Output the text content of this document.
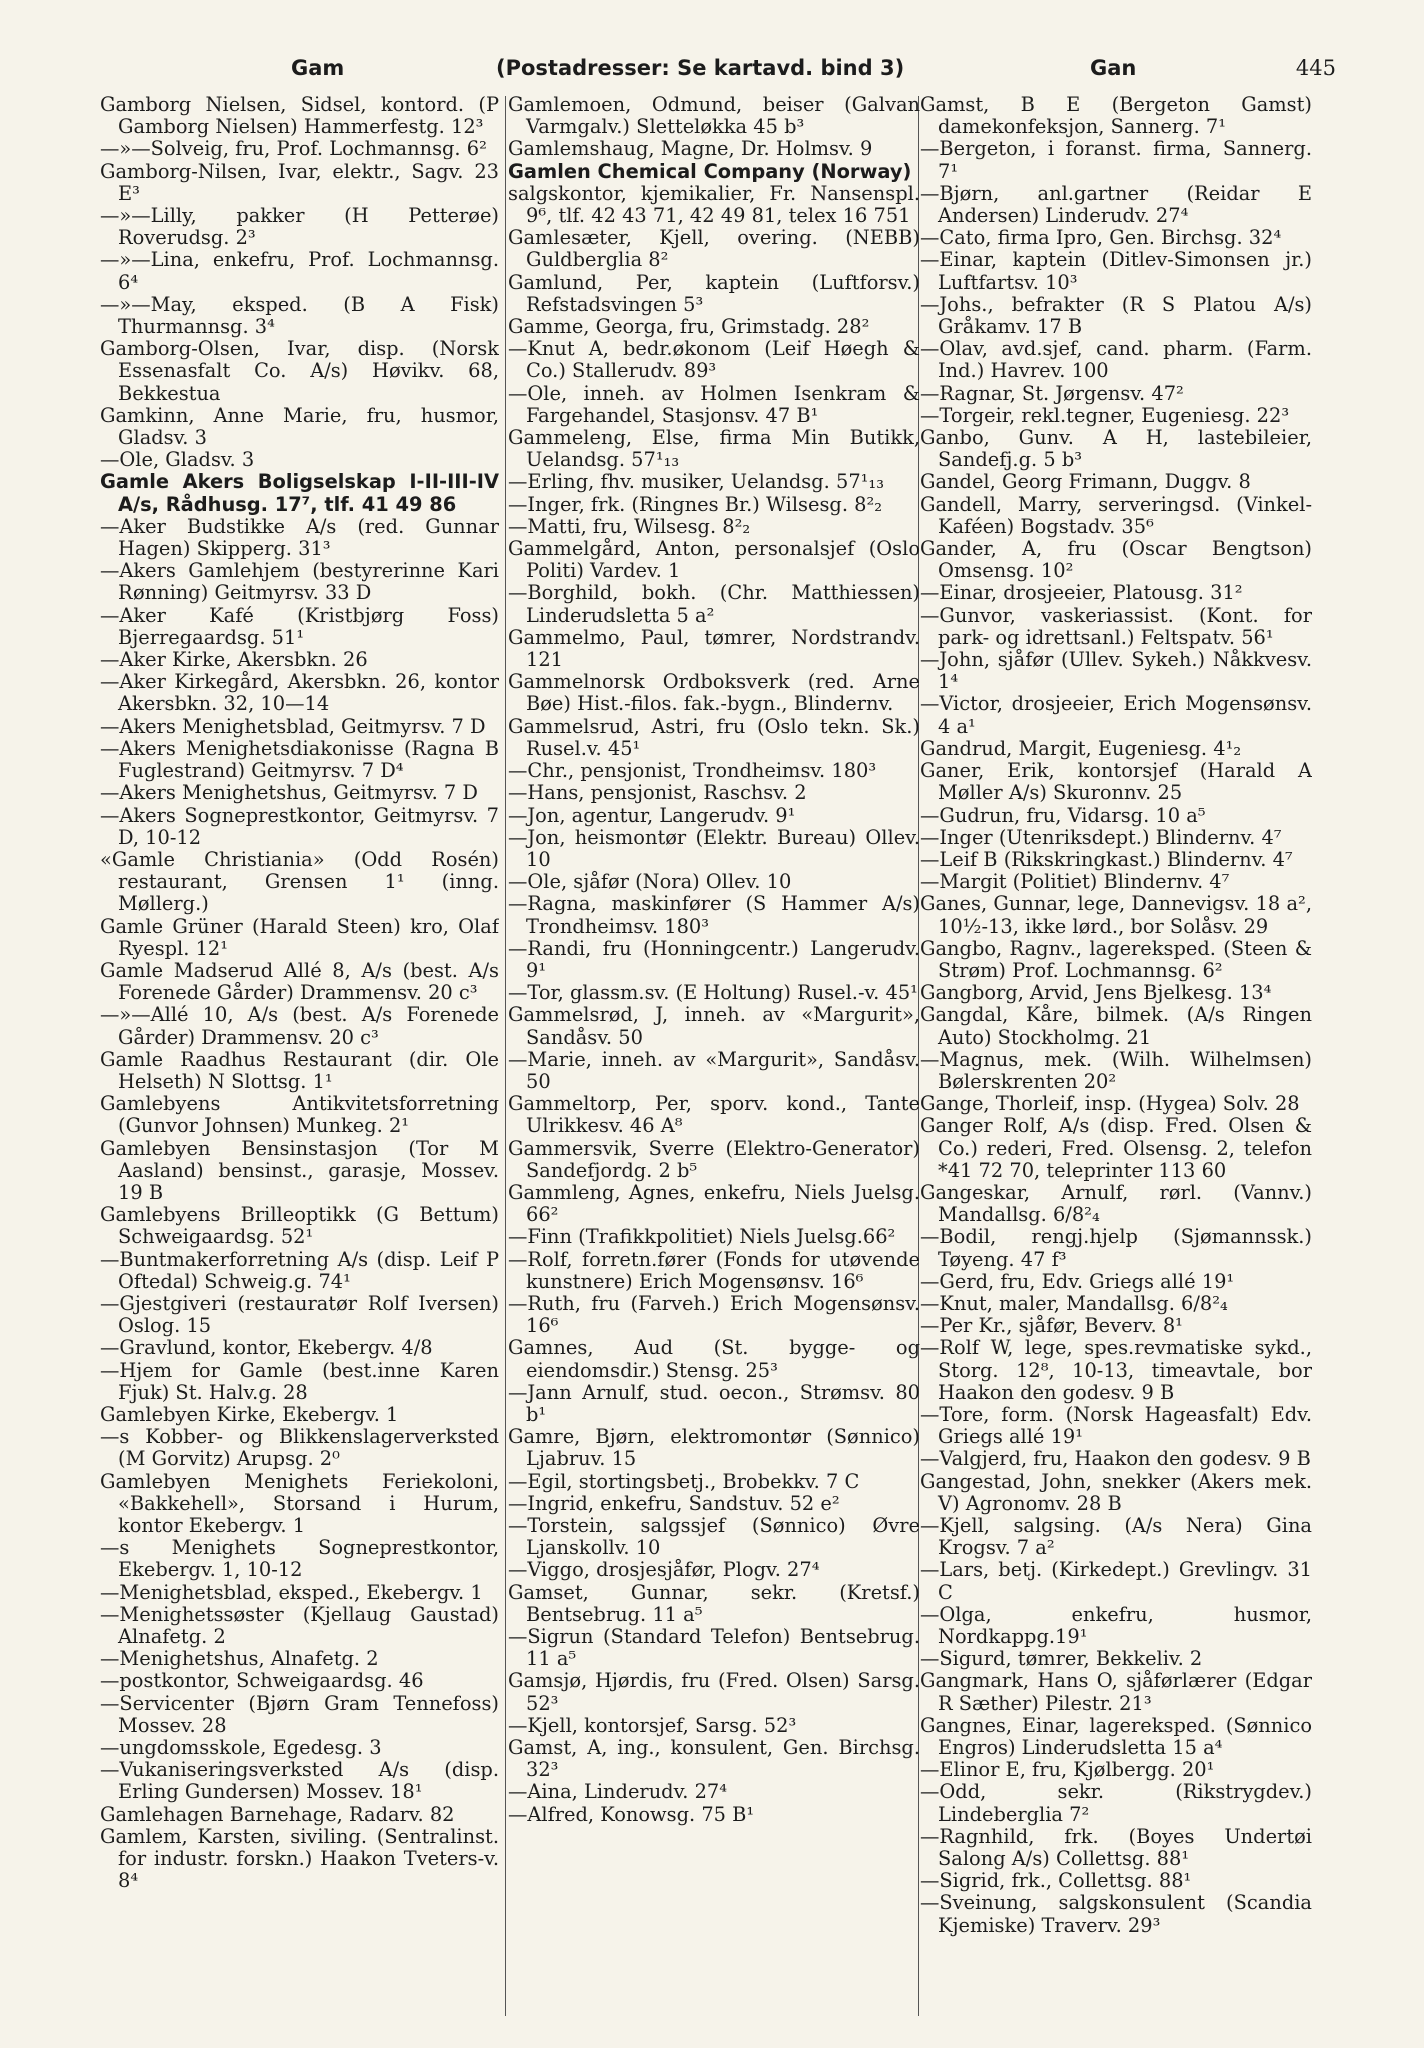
Gam	(Postadresser: Se kartavd. bind 3)	Gan	445

Gamborg Nielsen, Sidsel, kontord. (P Gamborg Nielsen) Hammerfestg. 12³

—»—Solveig, fru, Prof. Lochmannsg. 6²

Gamborg-Nilsen, Ivar, elektr., Sagv. 23 E³

—»—Lilly, pakker (H Petterøe) Roverudsg. 2³

—»—Lina, enkefru, Prof. Lochmannsg. 6⁴

—»—May, eksped. (B A Fisk) Thurmannsg. 3⁴

Gamborg-Olsen, Ivar, disp. (Norsk Essenasfalt Co. A/s) Høvikv. 68, Bekkestua

Gamkinn, Anne Marie, fru, husmor, Gladsv. 3

—Ole, Gladsv. 3

Gamle Akers Boligselskap I-II-III-IV A/s, Rådhusg. 17⁷, tlf. 41 49 86

—Aker Budstikke A/s (red. Gunnar Hagen) Skipperg. 31³

—Akers Gamlehjem (bestyrerinne Kari Rønning) Geitmyrsv. 33 D

—Aker Kafé (Kristbjørg Foss) Bjerregaardsg. 51¹

—Aker Kirke, Akersbkn. 26

—Aker Kirkegård, Akersbkn. 26, kontor Akersbkn. 32, 10—14

—Akers Menighetsblad, Geitmyrsv. 7 D

—Akers Menighetsdiakonisse (Ragna B Fuglestrand) Geitmyrsv. 7 D⁴

—Akers Menighetshus, Geitmyrsv. 7 D

—Akers Sogneprestkontor, Geitmyrsv. 7 D, 10-12

«Gamle Christiania» (Odd Rosén) restaurant, Grensen 1¹ (inng. Møllerg.)

Gamle Grüner (Harald Steen) kro, Olaf Ryespl. 12¹

Gamle Madserud Allé 8, A/s (best. A/s Forenede Gårder) Drammensv. 20 c³

—»—Allé 10, A/s (best. A/s Forenede Gårder) Drammensv. 20 c³

Gamle Raadhus Restaurant (dir. Ole Helseth) N Slottsg. 1¹

Gamlebyens Antikvitetsforretning (Gunvor Johnsen) Munkeg. 2¹

Gamlebyen Bensinstasjon (Tor M Aasland) bensinst., garasje, Mossev. 19 B

Gamlebyens Brilleoptikk (G Bettum) Schweigaardsg. 52¹

—Buntmakerforretning A/s (disp. Leif P Oftedal) Schweig.g. 74¹

—Gjestgiveri (restauratør Rolf Iversen) Oslog. 15

—Gravlund, kontor, Ekebergv. 4/8

—Hjem for Gamle (best.inne Karen Fjuk) St. Halv.g. 28

Gamlebyen Kirke, Ekebergv. 1

—s Kobber- og Blikkenslagerverksted (M Gorvitz) Arupsg. 2⁰

Gamlebyen Menighets Feriekoloni, «Bakkehell», Storsand i Hurum, kontor Ekebergv. 1

—s Menighets Sogneprestkontor, Ekebergv. 1, 10-12

—Menighetsblad, eksped., Ekebergv. 1

—Menighetssøster (Kjellaug Gaustad) Alnafetg. 2

—Menighetshus, Alnafetg. 2

—postkontor, Schweigaardsg. 46

—Servicenter (Bjørn Gram Tennefoss) Mossev. 28

—ungdomsskole, Egedesg. 3

—Vukaniseringsverksted A/s (disp. Erling Gundersen) Mossev. 18¹

Gamlehagen Barnehage, Radarv. 82

Gamlem, Karsten, siviling. (Sentralinst. for industr. forskn.) Haakon Tveters-v. 8⁴

Gamlemoen, Odmund, beiser (Galvan Varmgalv.) Sletteløkka 45 b³

Gamlemshaug, Magne, Dr. Holmsv. 9

Gamlen Chemical Company (Norway)

salgskontor, kjemikalier, Fr. Nansenspl. 9⁶, tlf. 42 43 71, 42 49 81, telex 16 751

Gamlesæter, Kjell, overing. (NEBB) Guldberglia 8²

Gamlund, Per, kaptein (Luftforsv.) Refstadsvingen 5³

Gamme, Georga, fru, Grimstadg. 28²

—Knut A, bedr.økonom (Leif Høegh & Co.) Stallerudv. 89³

—Ole, inneh. av Holmen Isenkram & Fargehandel, Stasjonsv. 47 B¹

Gammeleng, Else, firma Min Butikk, Uelandsg. 57¹₁₃

—Erling, fhv. musiker, Uelandsg. 57¹₁₃

—Inger, frk. (Ringnes Br.) Wilsesg. 8²₂

—Matti, fru, Wilsesg. 8²₂

Gammelgård, Anton, personalsjef (Oslo Politi) Vardev. 1

—Borghild, bokh. (Chr. Matthiessen) Linderudsletta 5 a²

Gammelmo, Paul, tømrer, Nordstrandv. 121

Gammelnorsk Ordboksverk (red. Arne Bøe) Hist.-filos. fak.-bygn., Blindernv.

Gammelsrud, Astri, fru (Oslo tekn. Sk.) Rusel.v. 45¹

—Chr., pensjonist, Trondheimsv. 180³

—Hans, pensjonist, Raschsv. 2

—Jon, agentur, Langerudv. 9¹

—Jon, heismontør (Elektr. Bureau) Ollev. 10

—Ole, sjåfør (Nora) Ollev. 10

—Ragna, maskinfører (S Hammer A/s) Trondheimsv. 180³

—Randi, fru (Honningcentr.) Langerudv. 9¹

—Tor, glassm.sv. (E Holtung) Rusel.-v. 45¹

Gammelsrød, J, inneh. av «Margurit», Sandåsv. 50

—Marie, inneh. av «Margurit», Sandåsv. 50

Gammeltorp, Per, sporv. kond., Tante Ulrikkesv. 46 A⁸

Gammersvik, Sverre (Elektro-Generator) Sandefjordg. 2 b⁵

Gammleng, Agnes, enkefru, Niels Juelsg. 66²

—Finn (Trafikkpolitiet) Niels Juelsg.66²

—Rolf, forretn.fører (Fonds for utøvende kunstnere) Erich Mogensønsv. 16⁶

—Ruth, fru (Farveh.) Erich Mogensønsv. 16⁶

Gamnes, Aud (St. bygge- og eiendomsdir.) Stensg. 25³

—Jann Arnulf, stud. oecon., Strømsv. 80 b¹

Gamre, Bjørn, elektromontør (Sønnico) Ljabruv. 15

—Egil, stortingsbetj., Brobekkv. 7 C

—Ingrid, enkefru, Sandstuv. 52 e²

—Torstein, salgssjef (Sønnico) Øvre Ljanskollv. 10

—Viggo, drosjesjåfør, Plogv. 27⁴

Gamset, Gunnar, sekr. (Kretsf.) Bentsebrug. 11 a⁵

—Sigrun (Standard Telefon) Bentsebrug. 11 a⁵

Gamsjø, Hjørdis, fru (Fred. Olsen) Sarsg. 52³

—Kjell, kontorsjef, Sarsg. 52³

Gamst, A, ing., konsulent, Gen. Birchsg. 32³

—Aina, Linderudv. 27⁴

—Alfred, Konowsg. 75 B¹

Gamst, B E (Bergeton Gamst) damekonfeksjon, Sannerg. 7¹

—Bergeton, i foranst. firma, Sannerg. 7¹

—Bjørn, anl.gartner (Reidar E Andersen) Linderudv. 27⁴

—Cato, firma Ipro, Gen. Birchsg. 32⁴

—Einar, kaptein (Ditlev-Simonsen jr.) Luftfartsv. 10³

—Johs., befrakter (R S Platou A/s) Gråkamv. 17 B

—Olav, avd.sjef, cand. pharm. (Farm. Ind.) Havrev. 100

—Ragnar, St. Jørgensv. 47²

—Torgeir, rekl.tegner, Eugeniesg. 22³

Ganbo, Gunv. A H, lastebileier, Sandefj.g. 5 b³

Gandel, Georg Frimann, Duggv. 8

Gandell, Marry, serveringsd. (Vinkel-Kaféen) Bogstadv. 35⁶

Gander, A, fru (Oscar Bengtson) Omsensg. 10²

—Einar, drosjeeier, Platousg. 31²

—Gunvor, vaskeriassist. (Kont. for park- og idrettsanl.) Feltspatv. 56¹

—John, sjåfør (Ullev. Sykeh.) Nåkkvesv. 1⁴

—Victor, drosjeeier, Erich Mogensønsv. 4 a¹

Gandrud, Margit, Eugeniesg. 4¹₂

Ganer, Erik, kontorsjef (Harald A Møller A/s) Skuronnv. 25

—Gudrun, fru, Vidarsg. 10 a⁵

—Inger (Utenriksdept.) Blindernv. 4⁷

—Leif B (Rikskringkast.) Blindernv. 4⁷

—Margit (Politiet) Blindernv. 4⁷

Ganes, Gunnar, lege, Dannevigsv. 18 a², 10½-13, ikke lørd., bor Solåsv. 29

Gangbo, Ragnv., lagereksped. (Steen & Strøm) Prof. Lochmannsg. 6²

Gangborg, Arvid, Jens Bjelkesg. 13⁴

Gangdal, Kåre, bilmek. (A/s Ringen Auto) Stockholmg. 21

—Magnus, mek. (Wilh. Wilhelmsen) Bølerskrenten 20²

Gange, Thorleif, insp. (Hygea) Solv. 28

Ganger Rolf, A/s (disp. Fred. Olsen & Co.) rederi, Fred. Olsensg. 2, telefon *41 72 70, teleprinter 113 60

Gangeskar, Arnulf, rørl. (Vannv.) Mandallsg. 6/8²₄

—Bodil, rengj.hjelp (Sjømannssk.) Tøyeng. 47 f³

—Gerd, fru, Edv. Griegs allé 19¹

—Knut, maler, Mandallsg. 6/8²₄

—Per Kr., sjåfør, Beverv. 8¹

—Rolf W, lege, spes.revmatiske sykd., Storg. 12⁸, 10-13, timeavtale, bor Haakon den godesv. 9 B

—Tore, form. (Norsk Hageasfalt) Edv. Griegs allé 19¹

—Valgjerd, fru, Haakon den godesv. 9 B

Gangestad, John, snekker (Akers mek. V) Agronomv. 28 B

—Kjell, salgsing. (A/s Nera) Gina Krogsv. 7 a²

—Lars, betj. (Kirkedept.) Grevlingv. 31 C

—Olga, enkefru, husmor, Nordkappg.19¹

—Sigurd, tømrer, Bekkeliv. 2

Gangmark, Hans O, sjåførlærer (Edgar R Sæther) Pilestr. 21³

Gangnes, Einar, lagereksped. (Sønnico Engros) Linderudsletta 15 a⁴

—Elinor E, fru, Kjølbergg. 20¹

—Odd, sekr. (Rikstrygdev.) Lindeberglia 7²

—Ragnhild, frk. (Boyes Undertøi Salong A/s) Collettsg. 88¹

—Sigrid, frk., Collettsg. 88¹

—Sveinung, salgskonsulent (Scandia Kjemiske) Traverv. 29³
